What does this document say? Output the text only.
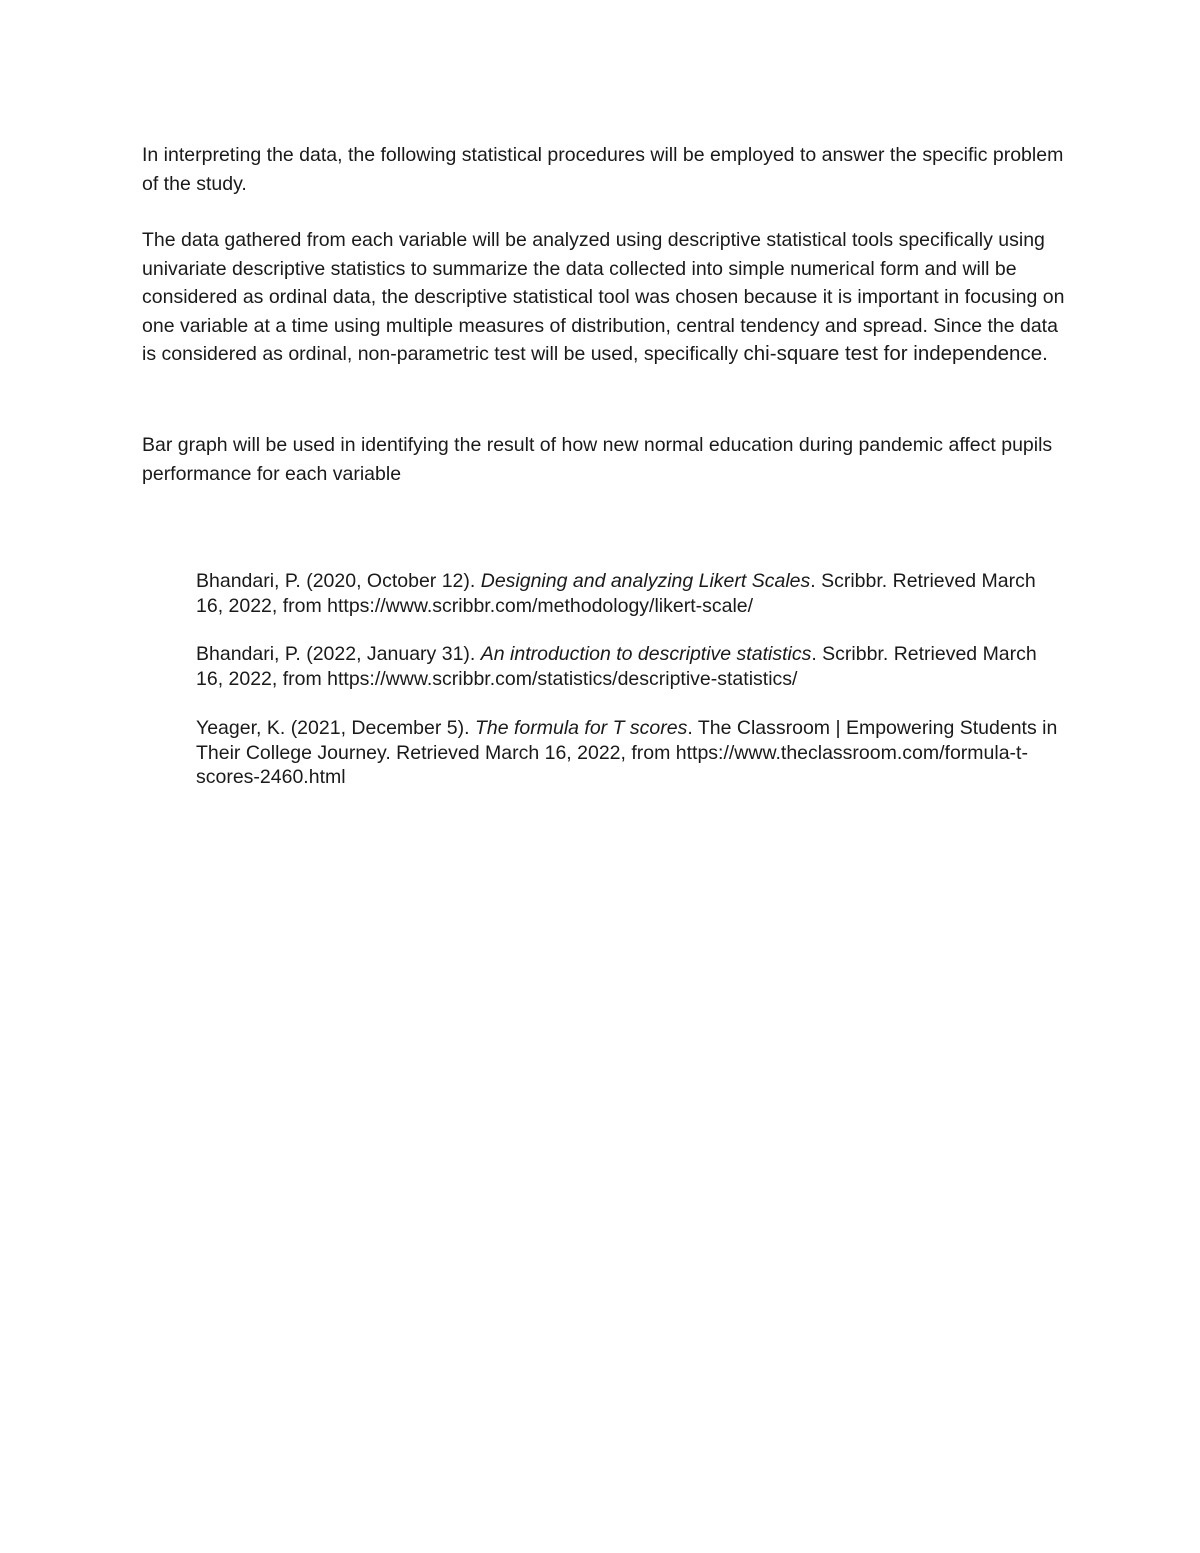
In interpreting the data, the following statistical procedures will be employed to answer the specific problem of the study.

The data gathered from each variable will be analyzed using descriptive statistical tools specifically using univariate descriptive statistics to summarize the data collected into simple numerical form and will be considered as ordinal data, the descriptive statistical tool was chosen because it is important in focusing on one variable at a time using multiple measures of distribution, central tendency and spread. Since the data is considered as ordinal, non-parametric test will be used, specifically chi-square test for independence.

Bar graph will be used in identifying the result of how new normal education during pandemic affect pupils performance for each variable

Bhandari, P. (2020, October 12). Designing and analyzing Likert Scales. Scribbr. Retrieved March 16, 2022, from https://www.scribbr.com/methodology/likert-scale/

Bhandari, P. (2022, January 31). An introduction to descriptive statistics. Scribbr. Retrieved March 16, 2022, from https://www.scribbr.com/statistics/descriptive-statistics/

Yeager, K. (2021, December 5). The formula for T scores. The Classroom | Empowering Students in Their College Journey. Retrieved March 16, 2022, from https://www.theclassroom.com/formula-t-scores-2460.html
